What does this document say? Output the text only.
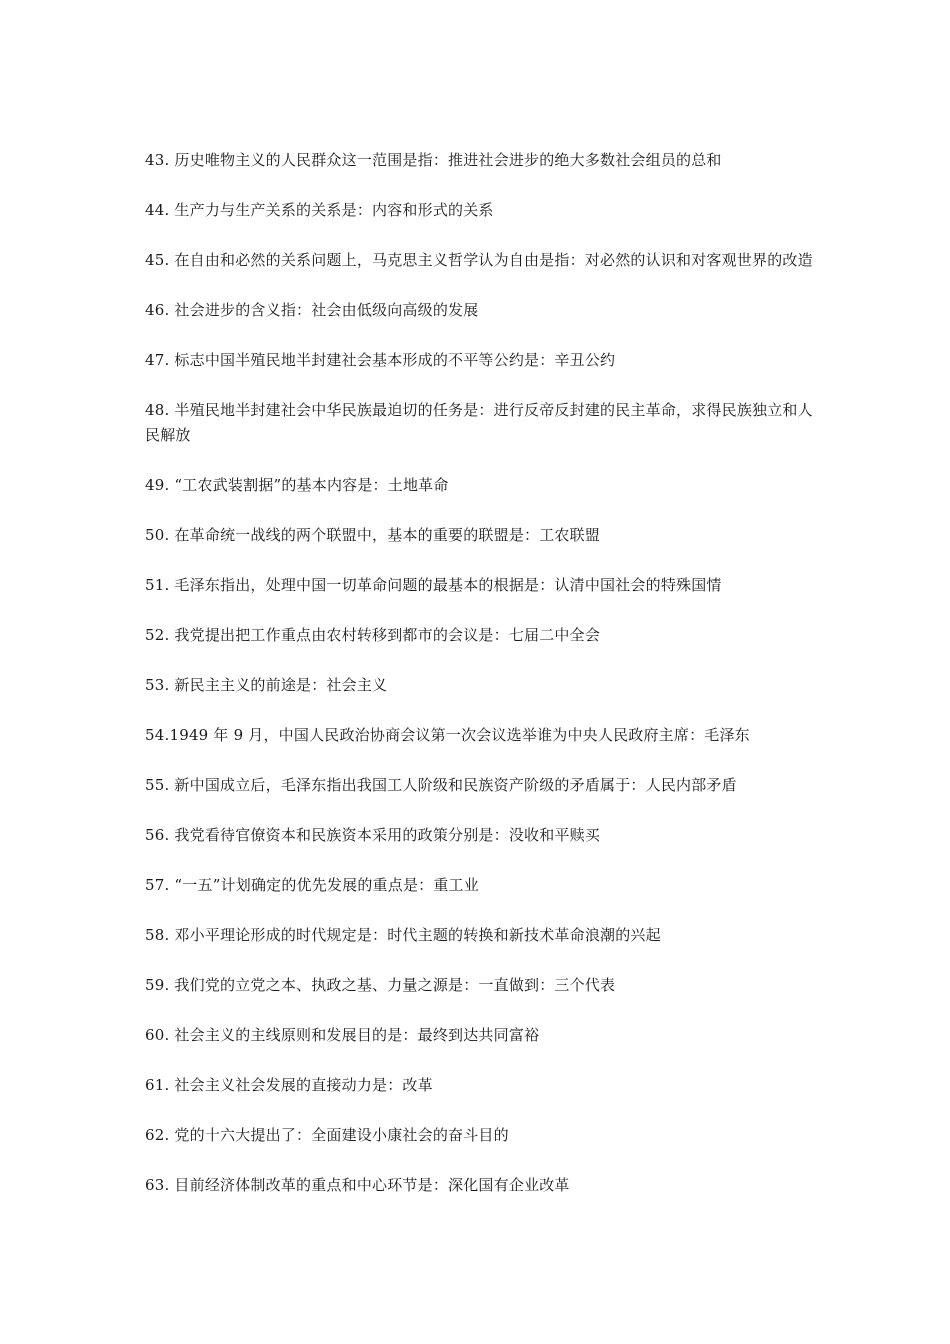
43. 历史唯物主义的人民群众这一范围是指：推进社会进步的绝大多数社会组员的总和

44. 生产力与生产关系的关系是：内容和形式的关系

45. 在自由和必然的关系问题上，马克思主义哲学认为自由是指：对必然的认识和对客观世界的改造

46. 社会进步的含义指：社会由低级向高级的发展

47. 标志中国半殖民地半封建社会基本形成的不平等公约是：辛丑公约

48. 半殖民地半封建社会中华民族最迫切的任务是：进行反帝反封建的民主革命，求得民族独立和人民解放

49. “工农武装割据”的基本内容是：土地革命

50. 在革命统一战线的两个联盟中，基本的重要的联盟是：工农联盟

51. 毛泽东指出，处理中国一切革命问题的最基本的根据是：认清中国社会的特殊国情

52. 我党提出把工作重点由农村转移到都市的会议是：七届二中全会

53. 新民主主义的前途是：社会主义

54.1949 年 9 月，中国人民政治协商会议第一次会议选举谁为中央人民政府主席：毛泽东

55. 新中国成立后，毛泽东指出我国工人阶级和民族资产阶级的矛盾属于：人民内部矛盾

56. 我党看待官僚资本和民族资本采用的政策分别是：没收和平赎买

57. “一五”计划确定的优先发展的重点是：重工业

58. 邓小平理论形成的时代规定是：时代主题的转换和新技术革命浪潮的兴起

59. 我们党的立党之本、执政之基、力量之源是：一直做到：三个代表

60. 社会主义的主线原则和发展目的是：最终到达共同富裕

61. 社会主义社会发展的直接动力是：改革

62. 党的十六大提出了：全面建设小康社会的奋斗目的

63. 目前经济体制改革的重点和中心环节是：深化国有企业改革
